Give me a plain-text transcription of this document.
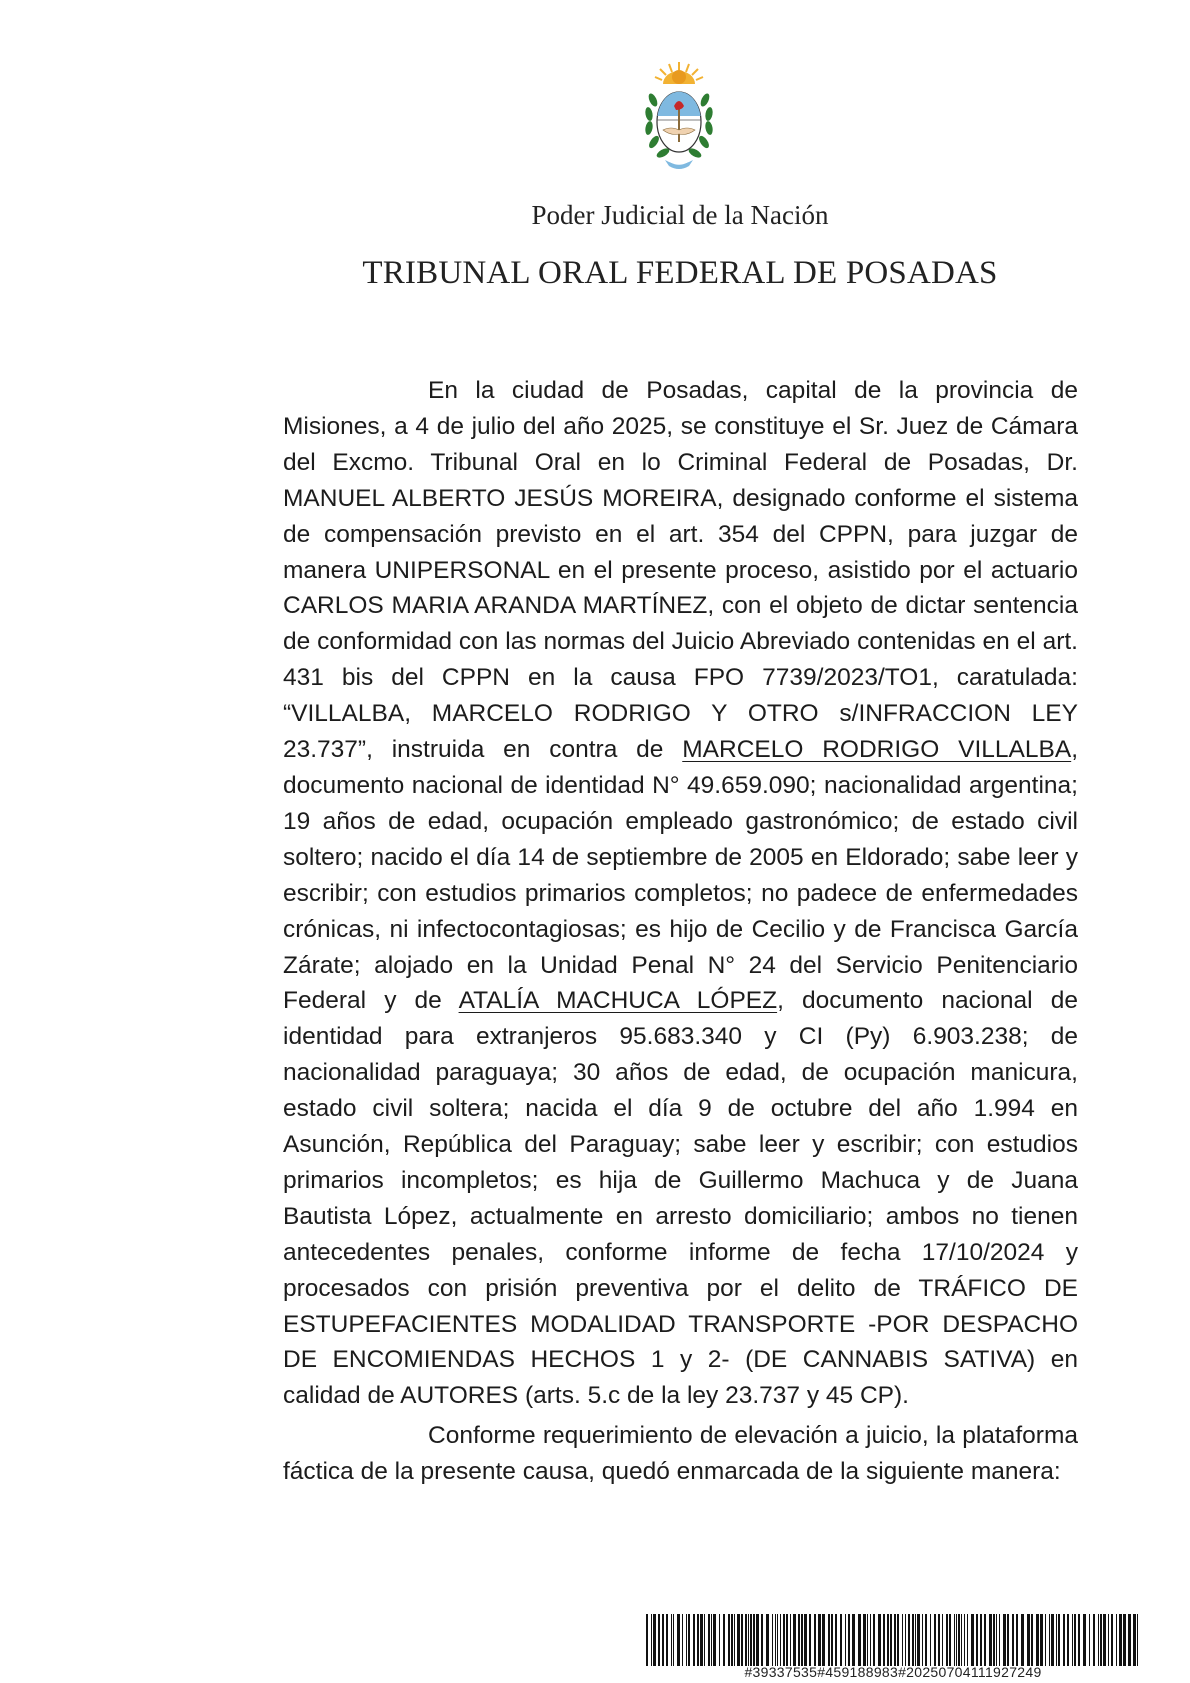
Poder Judicial de la Nación
TRIBUNAL ORAL FEDERAL DE POSADAS

En la ciudad de Posadas, capital de la provincia de Misiones, a 4 de julio del año 2025, se constituye el Sr. Juez de Cámara del Excmo. Tribunal Oral en lo Criminal Federal de Posadas, Dr. MANUEL ALBERTO JESÚS MOREIRA, designado conforme el sistema de compensación previsto en el art. 354 del CPPN, para juzgar de manera UNIPERSONAL en el presente proceso, asistido por el actuario CARLOS MARIA ARANDA MARTÍNEZ, con el objeto de dictar sentencia de conformidad con las normas del Juicio Abreviado contenidas en el art. 431 bis del CPPN en la causa FPO 7739/2023/TO1, caratulada: “VILLALBA, MARCELO RODRIGO Y OTRO s/INFRACCION LEY 23.737”, instruida en contra de MARCELO RODRIGO VILLALBA, documento nacional de identidad N° 49.659.090; nacionalidad argentina; 19 años de edad, ocupación empleado gastronómico; de estado civil soltero; nacido el día 14 de septiembre de 2005 en Eldorado; sabe leer y escribir; con estudios primarios completos; no padece de enfermedades crónicas, ni infectocontagiosas; es hijo de Cecilio y de Francisca García Zárate; alojado en la Unidad Penal N° 24 del Servicio Penitenciario Federal y de ATALÍA MACHUCA LÓPEZ, documento nacional de identidad para extranjeros 95.683.340 y CI (Py) 6.903.238; de nacionalidad paraguaya; 30 años de edad, de ocupación manicura, estado civil soltera; nacida el día 9 de octubre del año 1.994 en Asunción, República del Paraguay; sabe leer y escribir; con estudios primarios incompletos; es hija de Guillermo Machuca y de Juana Bautista López, actualmente en arresto domiciliario; ambos no tienen antecedentes penales, conforme informe de fecha 17/10/2024 y procesados con prisión preventiva por el delito de TRÁFICO DE ESTUPEFACIENTES MODALIDAD TRANSPORTE -POR DESPACHO DE ENCOMIENDAS HECHOS 1 y 2- (DE CANNABIS SATIVA) en calidad de AUTORES (arts. 5.c de la ley 23.737 y 45 CP).

Conforme requerimiento de elevación a juicio, la plataforma fáctica de la presente causa, quedó enmarcada de la siguiente manera:

#39337535#459188983#20250704111927249
